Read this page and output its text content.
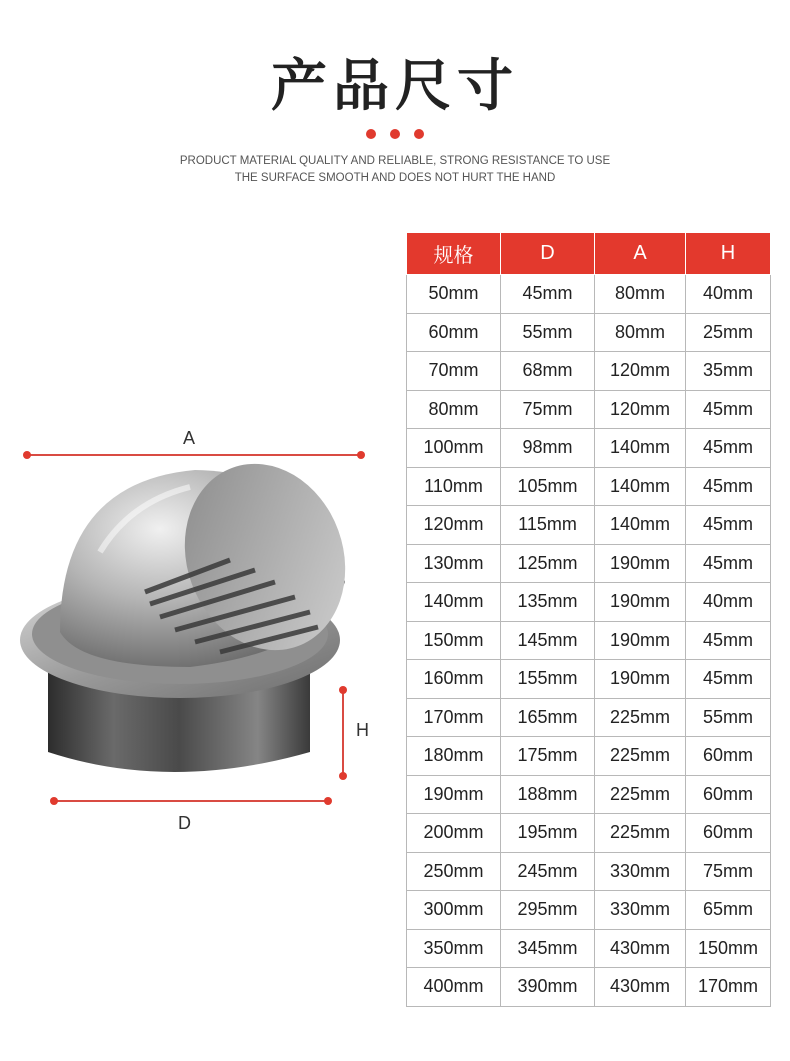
产品尺寸
PRODUCT MATERIAL QUALITY AND RELIABLE, STRONG RESISTANCE TO USE
THE SURFACE SMOOTH AND DOES NOT HURT THE HAND
A
H
D
规格	D	A	H
50mm	45mm	80mm	40mm
60mm	55mm	80mm	25mm
70mm	68mm	120mm	35mm
80mm	75mm	120mm	45mm
100mm	98mm	140mm	45mm
110mm	105mm	140mm	45mm
120mm	115mm	140mm	45mm
130mm	125mm	190mm	45mm
140mm	135mm	190mm	40mm
150mm	145mm	190mm	45mm
160mm	155mm	190mm	45mm
170mm	165mm	225mm	55mm
180mm	175mm	225mm	60mm
190mm	188mm	225mm	60mm
200mm	195mm	225mm	60mm
250mm	245mm	330mm	75mm
300mm	295mm	330mm	65mm
350mm	345mm	430mm	150mm
400mm	390mm	430mm	170mm
